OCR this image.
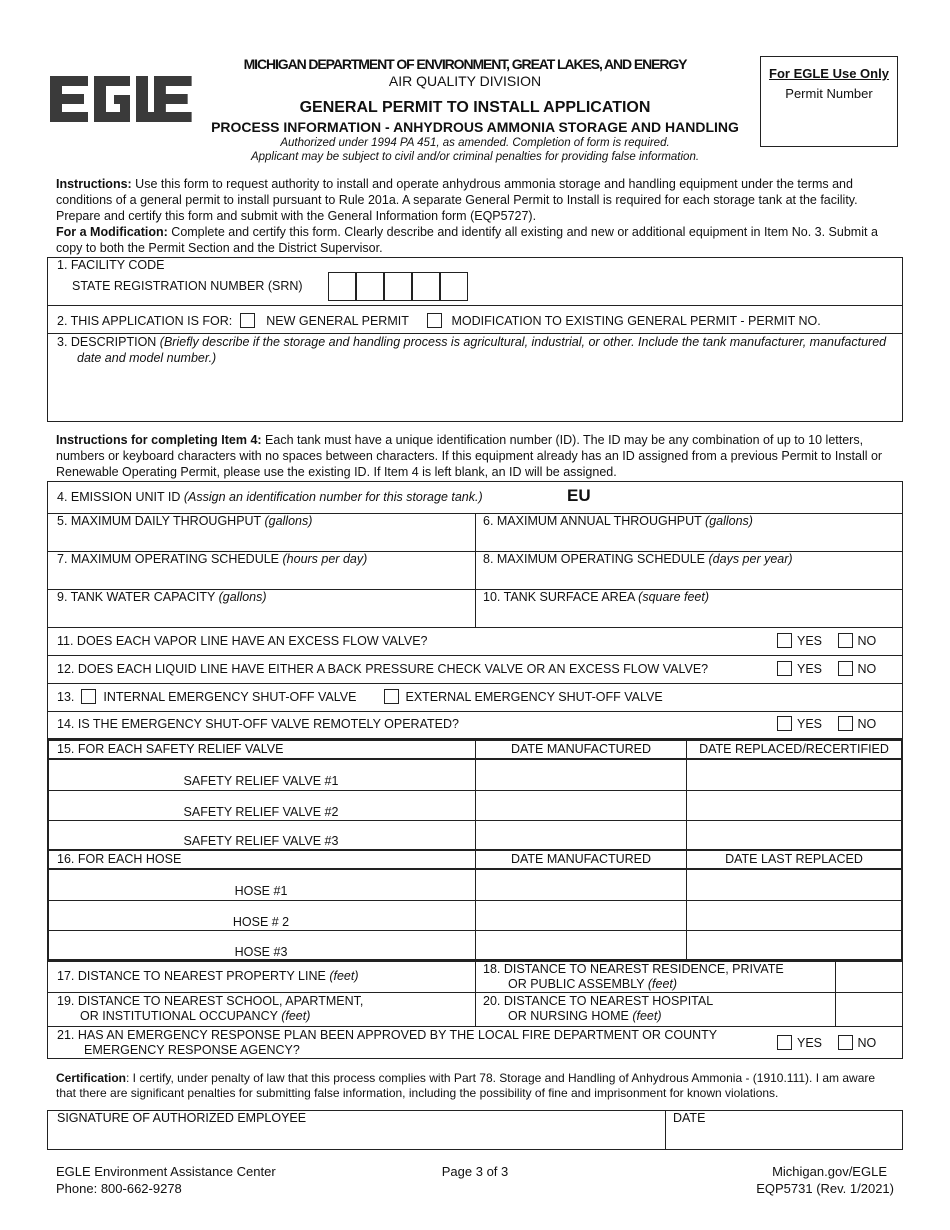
MICHIGAN DEPARTMENT OF ENVIRONMENT, GREAT LAKES, AND ENERGY
AIR QUALITY DIVISION
GENERAL PERMIT TO INSTALL APPLICATION
PROCESS INFORMATION - ANHYDROUS AMMONIA STORAGE AND HANDLING
Authorized under 1994 PA 451, as amended. Completion of form is required.
Applicant may be subject to civil and/or criminal penalties for providing false information.
For EGLE Use Only
Permit Number
Instructions: Use this form to request authority to install and operate anhydrous ammonia storage and handling equipment under the terms and conditions of a general permit to install pursuant to Rule 201a. A separate General Permit to Install is required for each storage tank at the facility. Prepare and certify this form and submit with the General Information form (EQP5727).
For a Modification: Complete and certify this form. Clearly describe and identify all existing and new or additional equipment in Item No. 3. Submit a copy to both the Permit Section and the District Supervisor.
1. FACILITY CODE
STATE REGISTRATION NUMBER (SRN)
2. THIS APPLICATION IS FOR:	NEW GENERAL PERMIT	MODIFICATION TO EXISTING GENERAL PERMIT - PERMIT NO.
3. DESCRIPTION (Briefly describe if the storage and handling process is agricultural, industrial, or other. Include the tank manufacturer, manufactured
date and model number.)
Instructions for completing Item 4: Each tank must have a unique identification number (ID). The ID may be any combination of up to 10 letters, numbers or keyboard characters with no spaces between characters. If this equipment already has an ID assigned from a previous Permit to Install or Renewable Operating Permit, please use the existing ID. If Item 4 is left blank, an ID will be assigned.
4. EMISSION UNIT ID (Assign an identification number for this storage tank.)	EU
5. MAXIMUM DAILY THROUGHPUT (gallons)	6. MAXIMUM ANNUAL THROUGHPUT (gallons)
7. MAXIMUM OPERATING SCHEDULE (hours per day)	8. MAXIMUM OPERATING SCHEDULE (days per year)
9. TANK WATER CAPACITY (gallons)	10. TANK SURFACE AREA (square feet)
11. DOES EACH VAPOR LINE HAVE AN EXCESS FLOW VALVE?	YES	NO
12. DOES EACH LIQUID LINE HAVE EITHER A BACK PRESSURE CHECK VALVE OR AN EXCESS FLOW VALVE?	YES	NO
13. INTERNAL EMERGENCY SHUT-OFF VALVE	EXTERNAL EMERGENCY SHUT-OFF VALVE
14. IS THE EMERGENCY SHUT-OFF VALVE REMOTELY OPERATED?	YES	NO
15. FOR EACH SAFETY RELIEF VALVE	DATE MANUFACTURED	DATE REPLACED/RECERTIFIED
SAFETY RELIEF VALVE #1
SAFETY RELIEF VALVE #2
SAFETY RELIEF VALVE #3
16. FOR EACH HOSE	DATE MANUFACTURED	DATE LAST REPLACED
HOSE #1
HOSE # 2
HOSE #3
17. DISTANCE TO NEAREST PROPERTY LINE (feet)	18. DISTANCE TO NEAREST RESIDENCE, PRIVATE
OR PUBLIC ASSEMBLY (feet)
19. DISTANCE TO NEAREST SCHOOL, APARTMENT,
OR INSTITUTIONAL OCCUPANCY (feet)
20. DISTANCE TO NEAREST HOSPITAL
OR NURSING HOME (feet)
21. HAS AN EMERGENCY RESPONSE PLAN BEEN APPROVED BY THE LOCAL FIRE DEPARTMENT OR COUNTY
EMERGENCY RESPONSE AGENCY?	YES	NO
Certification: I certify, under penalty of law that this process complies with Part 78. Storage and Handling of Anhydrous Ammonia - (1910.111). I am aware that there are significant penalties for submitting false information, including the possibility of fine and imprisonment for known violations.
SIGNATURE OF AUTHORIZED EMPLOYEE	DATE
EGLE Environment Assistance Center
Phone: 800-662-9278
Page 3 of 3	Michigan.gov/EGLE
EQP5731 (Rev. 1/2021)
